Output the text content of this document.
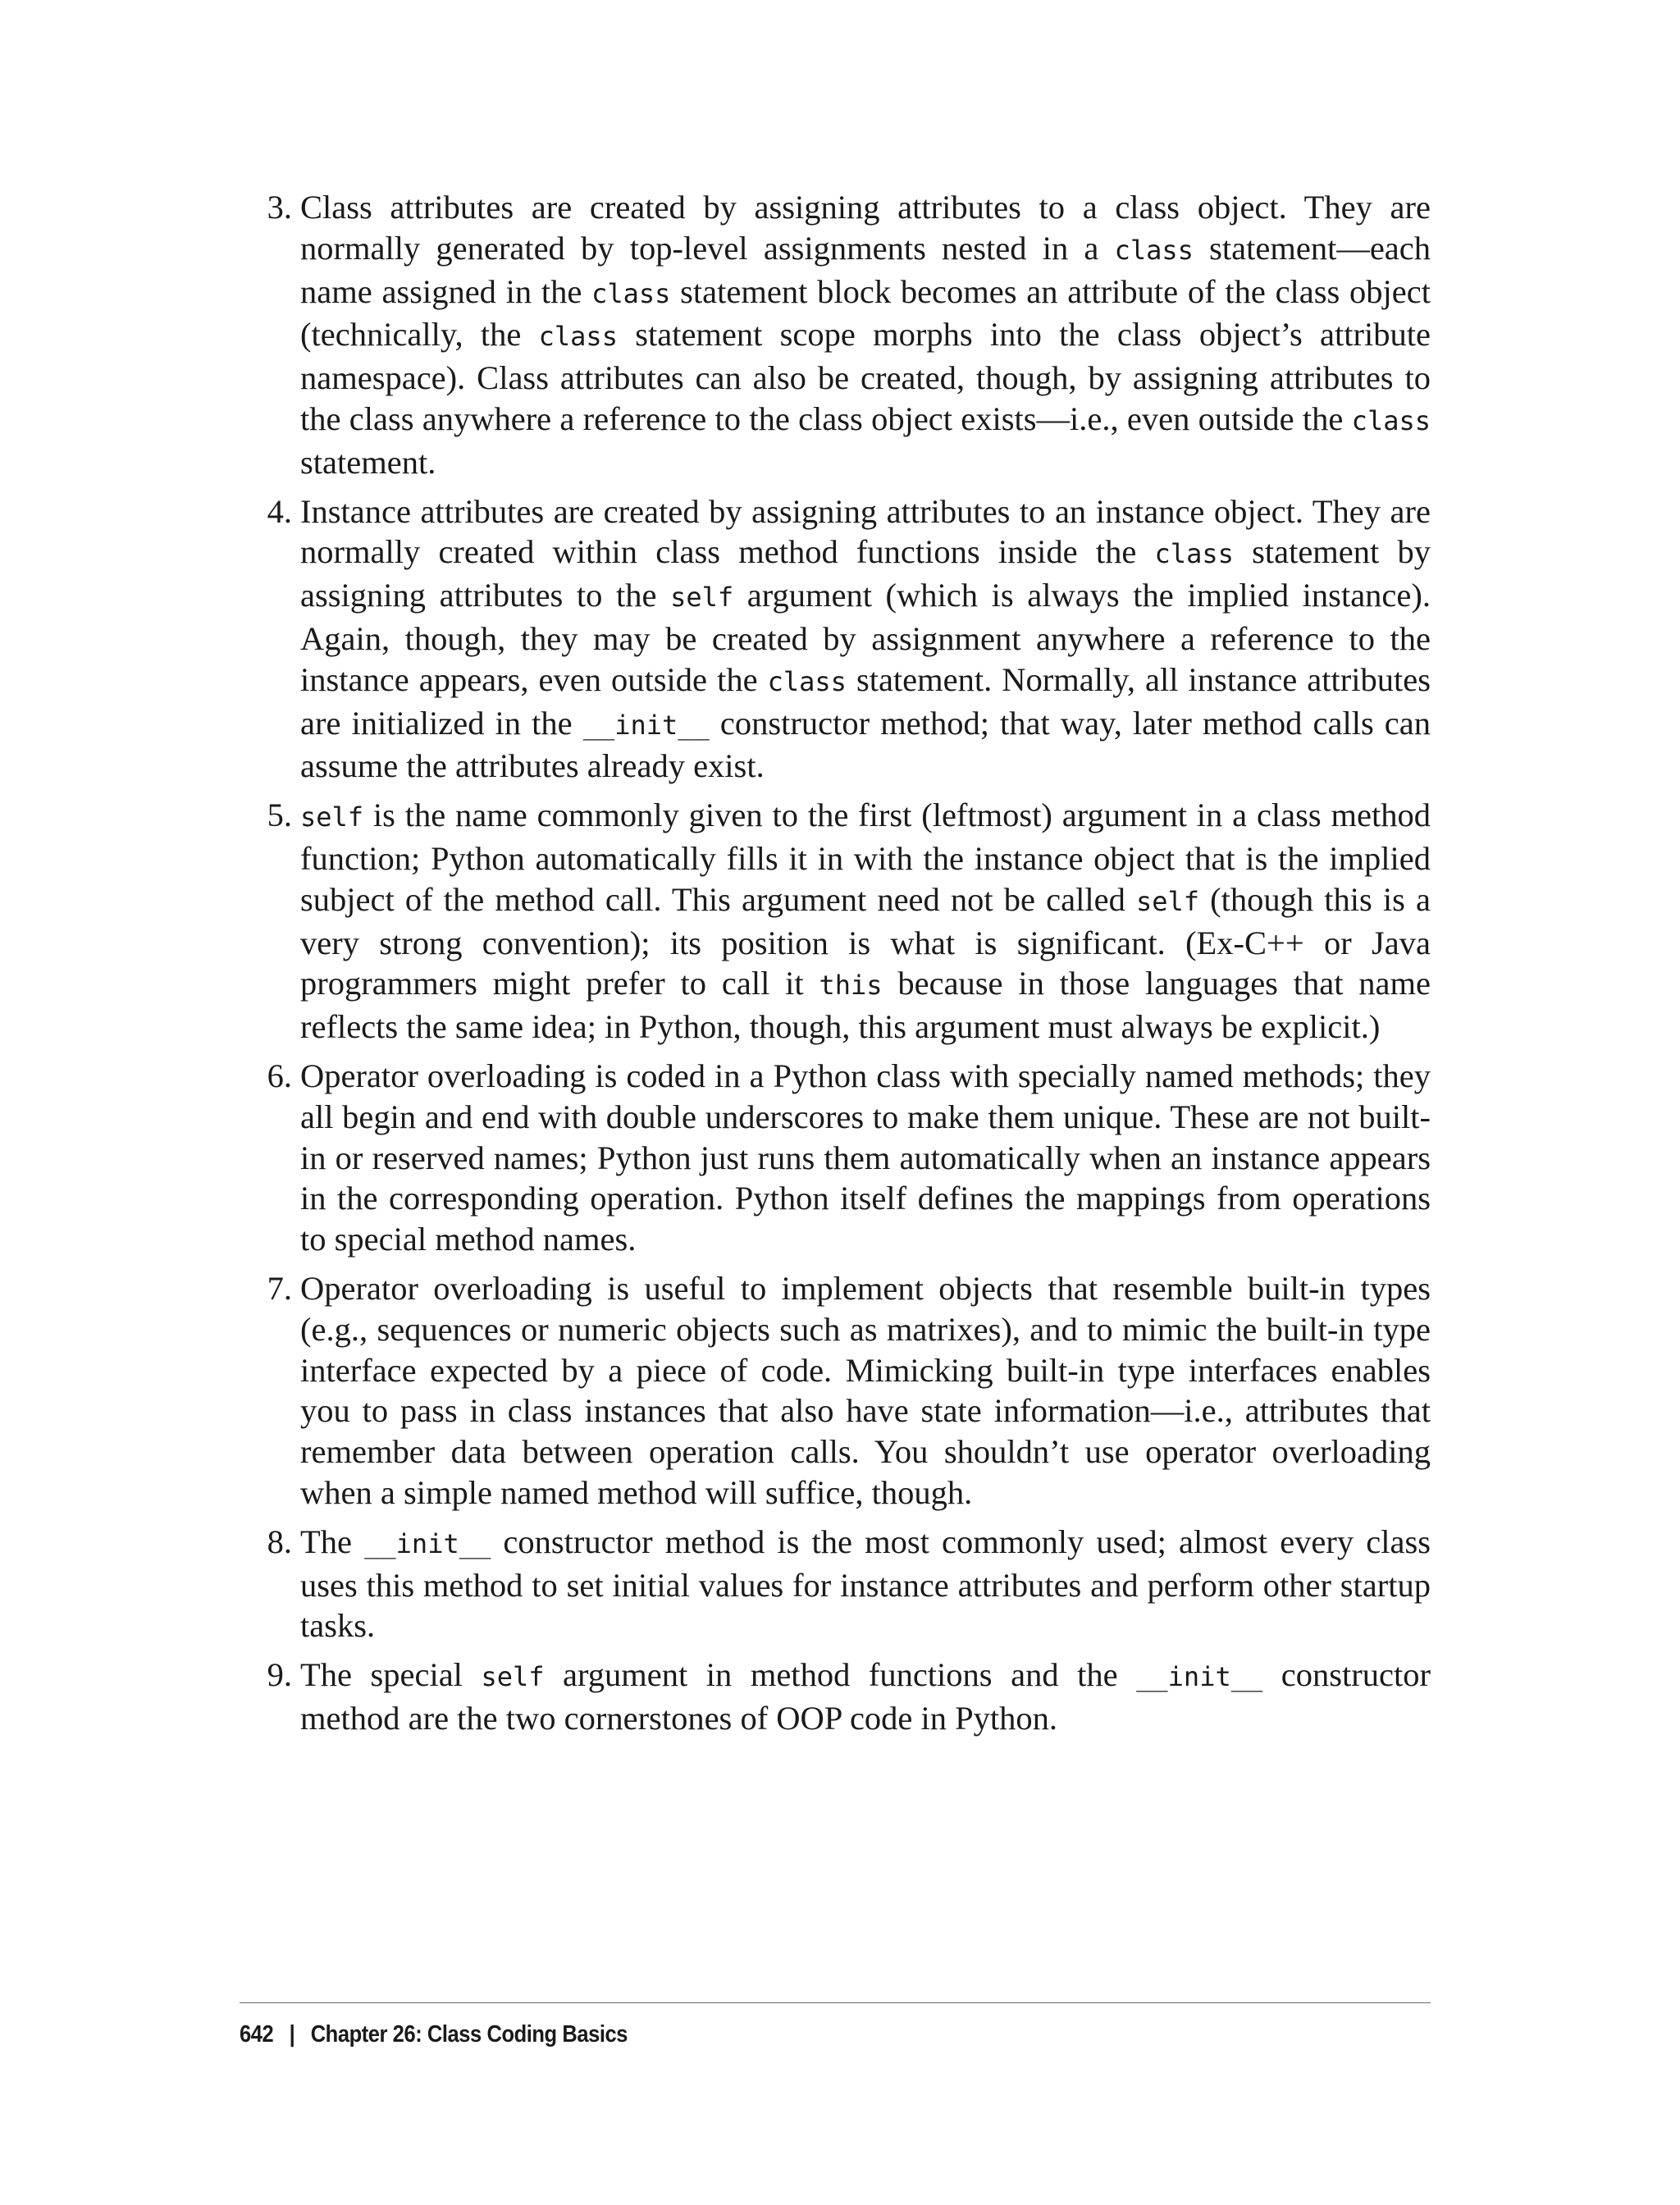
3. Class attributes are created by assigning attributes to a class object. They are normally generated by top-level assignments nested in a class statement—each name assigned in the class statement block becomes an attribute of the class object (technically, the class statement scope morphs into the class object’s attribute namespace). Class attributes can also be created, though, by assigning attributes to the class anywhere a reference to the class object exists—i.e., even outside the class statement.
4. Instance attributes are created by assigning attributes to an instance object. They are normally created within class method functions inside the class statement by assigning attributes to the self argument (which is always the implied instance). Again, though, they may be created by assignment anywhere a reference to the instance appears, even outside the class statement. Normally, all instance attributes are initialized in the __init__ constructor method; that way, later method calls can assume the attributes already exist.
5. self is the name commonly given to the first (leftmost) argument in a class method function; Python automatically fills it in with the instance object that is the implied subject of the method call. This argument need not be called self (though this is a very strong convention); its position is what is significant. (Ex-C++ or Java programmers might prefer to call it this because in those languages that name reflects the same idea; in Python, though, this argument must always be explicit.)
6. Operator overloading is coded in a Python class with specially named methods; they all begin and end with double underscores to make them unique. These are not built-in or reserved names; Python just runs them automatically when an instance appears in the corresponding operation. Python itself defines the mappings from operations to special method names.
7. Operator overloading is useful to implement objects that resemble built-in types (e.g., sequences or numeric objects such as matrixes), and to mimic the built-in type interface expected by a piece of code. Mimicking built-in type interfaces enables you to pass in class instances that also have state information—i.e., attributes that remember data between operation calls. You shouldn’t use operator overloading when a simple named method will suffice, though.
8. The __init__ constructor method is the most commonly used; almost every class uses this method to set initial values for instance attributes and perform other startup tasks.
9. The special self argument in method functions and the __init__ constructor method are the two cornerstones of OOP code in Python.
642 | Chapter 26: Class Coding Basics
